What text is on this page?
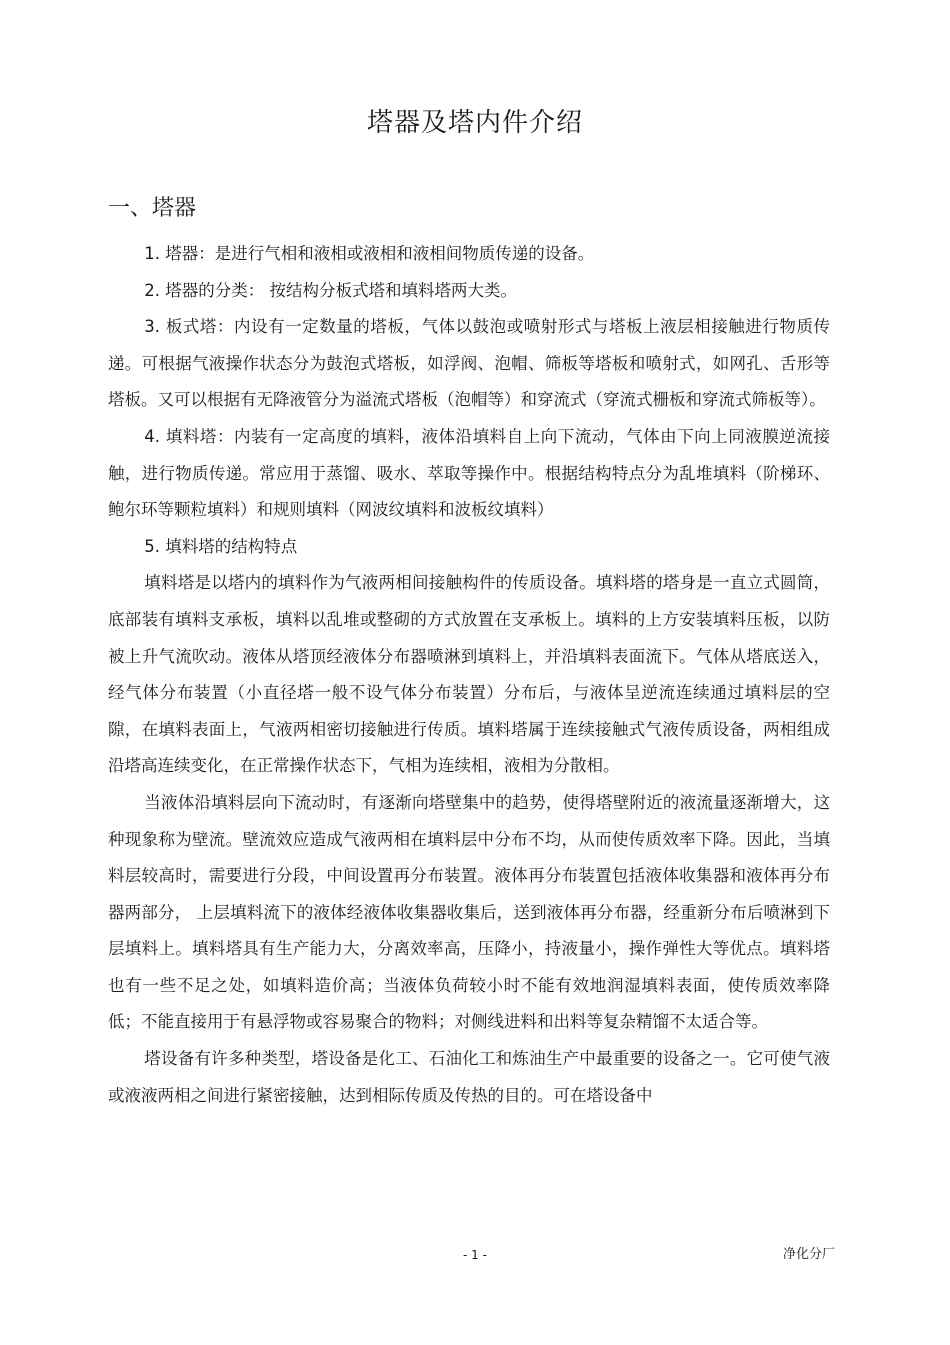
塔器及塔内件介绍
一、塔器

1. 塔器：是进行气相和液相或液相和液相间物质传递的设备。

2. 塔器的分类： 按结构分板式塔和填料塔两大类。

3. 板式塔：内设有一定数量的塔板，气体以鼓泡或喷射形式与塔板上液层相接触进行物质传递。可根据气液操作状态分为鼓泡式塔板，如浮阀、泡帽、筛板等塔板和喷射式，如网孔、舌形等塔板。又可以根据有无降液管分为溢流式塔板（泡帽等）和穿流式（穿流式栅板和穿流式筛板等）。

4. 填料塔：内装有一定高度的填料，液体沿填料自上向下流动，气体由下向上同液膜逆流接触，进行物质传递。常应用于蒸馏、吸水、萃取等操作中。根据结构特点分为乱堆填料（阶梯环、鲍尔环等颗粒填料）和规则填料（网波纹填料和波板纹填料）

5. 填料塔的结构特点

填料塔是以塔内的填料作为气液两相间接触构件的传质设备。填料塔的塔身是一直立式圆筒，底部装有填料支承板，填料以乱堆或整砌的方式放置在支承板上。填料的上方安装填料压板，以防被上升气流吹动。液体从塔顶经液体分布器喷淋到填料上，并沿填料表面流下。气体从塔底送入，经气体分布装置（小直径塔一般不设气体分布装置）分布后，与液体呈逆流连续通过填料层的空隙，在填料表面上，气液两相密切接触进行传质。填料塔属于连续接触式气液传质设备，两相组成沿塔高连续变化，在正常操作状态下，气相为连续相，液相为分散相。

当液体沿填料层向下流动时，有逐渐向塔壁集中的趋势，使得塔壁附近的液流量逐渐增大，这种现象称为壁流。壁流效应造成气液两相在填料层中分布不均，从而使传质效率下降。因此，当填料层较高时，需要进行分段，中间设置再分布装置。液体再分布装置包括液体收集器和液体再分布器两部分， 上层填料流下的液体经液体收集器收集后，送到液体再分布器，经重新分布后喷淋到下层填料上。填料塔具有生产能力大，分离效率高，压降小，持液量小，操作弹性大等优点。填料塔也有一些不足之处，如填料造价高；当液体负荷较小时不能有效地润湿填料表面，使传质效率降低；不能直接用于有悬浮物或容易聚合的物料；对侧线进料和出料等复杂精馏不太适合等。

塔设备有许多种类型，塔设备是化工、石油化工和炼油生产中最重要的设备之一。它可使气液或液液两相之间进行紧密接触，达到相际传质及传热的目的。可在塔设备中

- 1 -	净化分厂
